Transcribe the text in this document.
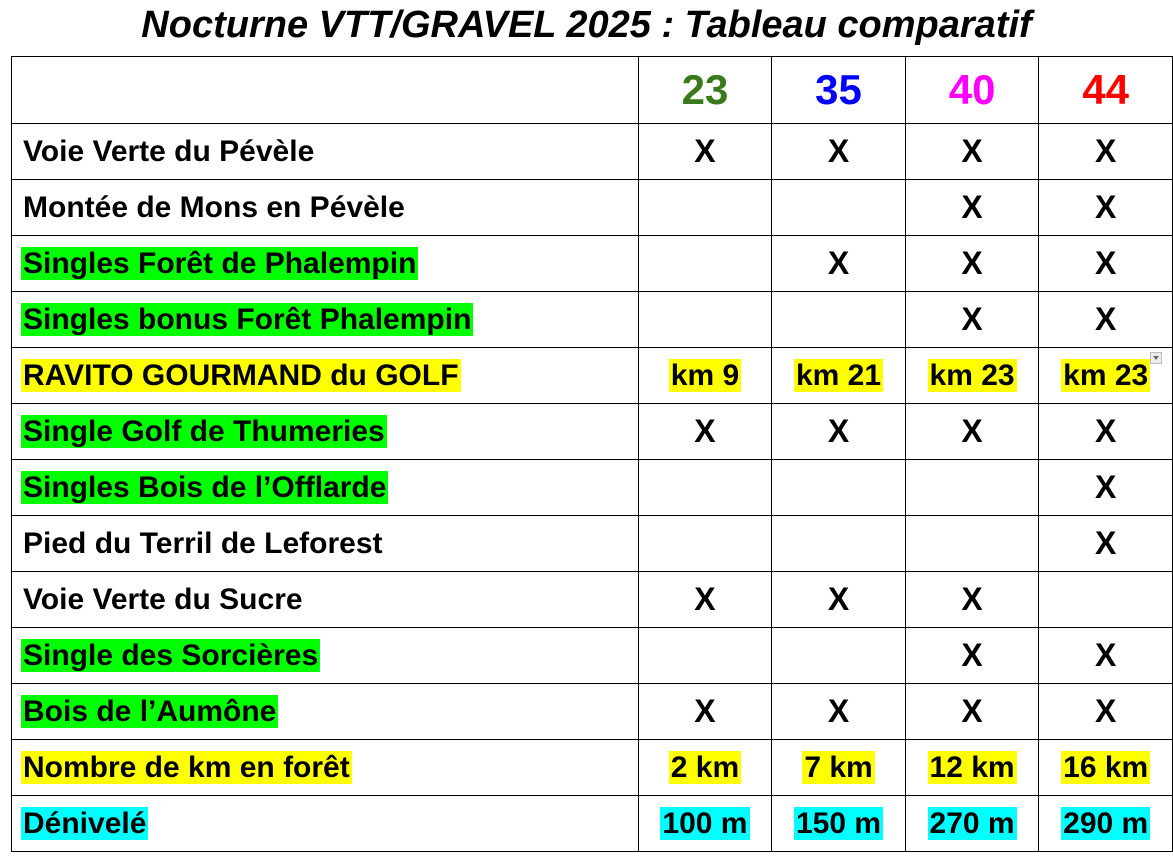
Nocturne VTT/GRAVEL 2025 : Tableau comparatif
	23	35	40	44
Voie Verte du Pévèle	X	X	X	X
Montée de Mons en Pévèle			X	X
Singles Forêt de Phalempin		X	X	X
Singles bonus Forêt Phalempin			X	X
RAVITO GOURMAND du GOLF	km 9	km 21	km 23	km 23
Single Golf de Thumeries	X	X	X	X
Singles Bois de l’Offlarde				X
Pied du Terril de Leforest				X
Voie Verte du Sucre	X	X	X	
Single des Sorcières			X	X
Bois de l’Aumône	X	X	X	X
Nombre de km en forêt	2 km	7 km	12 km	16 km
Dénivelé	100 m	150 m	270 m	290 m
